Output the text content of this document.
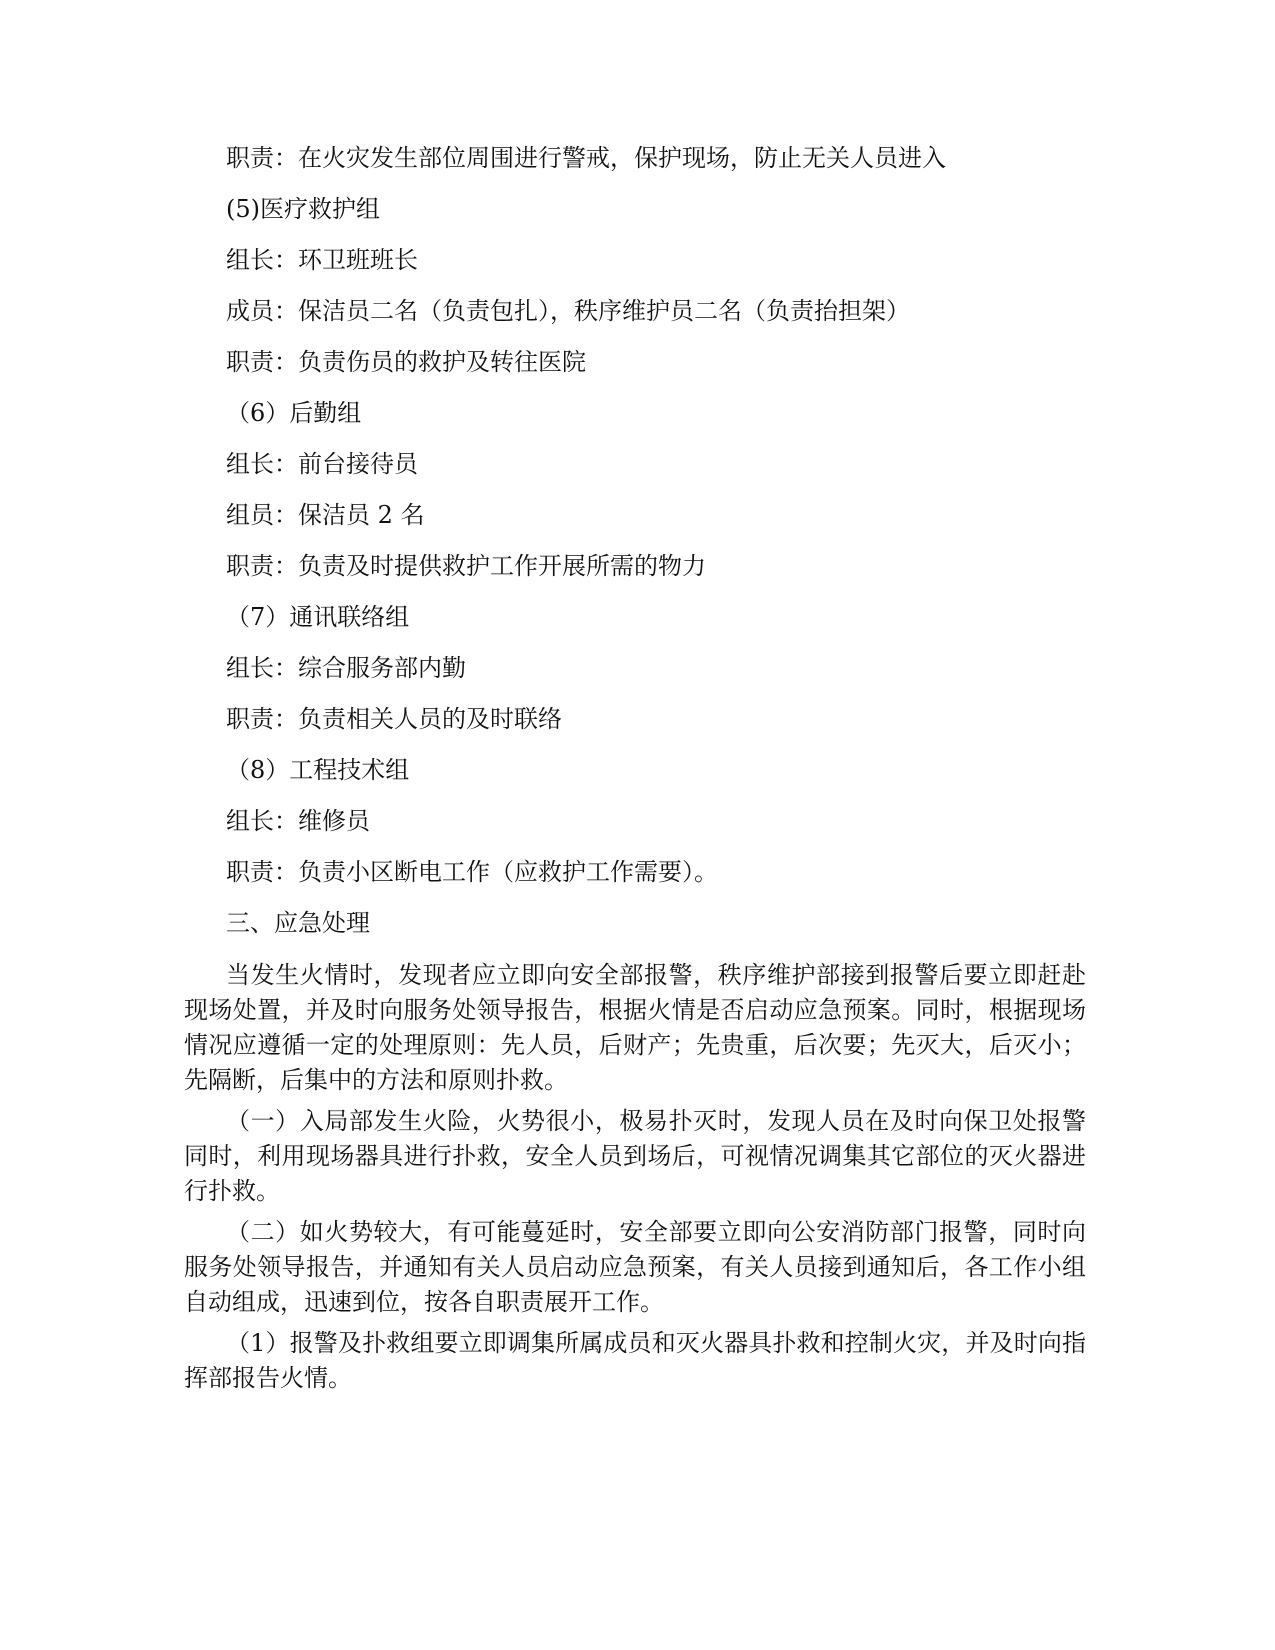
职责：在火灾发生部位周围进行警戒，保护现场，防止无关人员进入

(5)医疗救护组

组长：环卫班班长

成员：保洁员二名（负责包扎），秩序维护员二名（负责抬担架）

职责：负责伤员的救护及转往医院

（6）后勤组

组长：前台接待员

组员：保洁员 2 名

职责：负责及时提供救护工作开展所需的物力

（7）通讯联络组

组长：综合服务部内勤

职责：负责相关人员的及时联络

（8）工程技术组

组长：维修员

职责：负责小区断电工作（应救护工作需要）。

三、应急处理

当发生火情时，发现者应立即向安全部报警，秩序维护部接到报警后要立即赶赴现场处置，并及时向服务处领导报告，根据火情是否启动应急预案。同时，根据现场情况应遵循一定的处理原则：先人员，后财产；先贵重，后次要；先灭大，后灭小；先隔断，后集中的方法和原则扑救。

（一）入局部发生火险，火势很小，极易扑灭时，发现人员在及时向保卫处报警同时，利用现场器具进行扑救，安全人员到场后，可视情况调集其它部位的灭火器进行扑救。

（二）如火势较大，有可能蔓延时，安全部要立即向公安消防部门报警，同时向服务处领导报告，并通知有关人员启动应急预案，有关人员接到通知后，各工作小组自动组成，迅速到位，按各自职责展开工作。

（1）报警及扑救组要立即调集所属成员和灭火器具扑救和控制火灾，并及时向指挥部报告火情。
